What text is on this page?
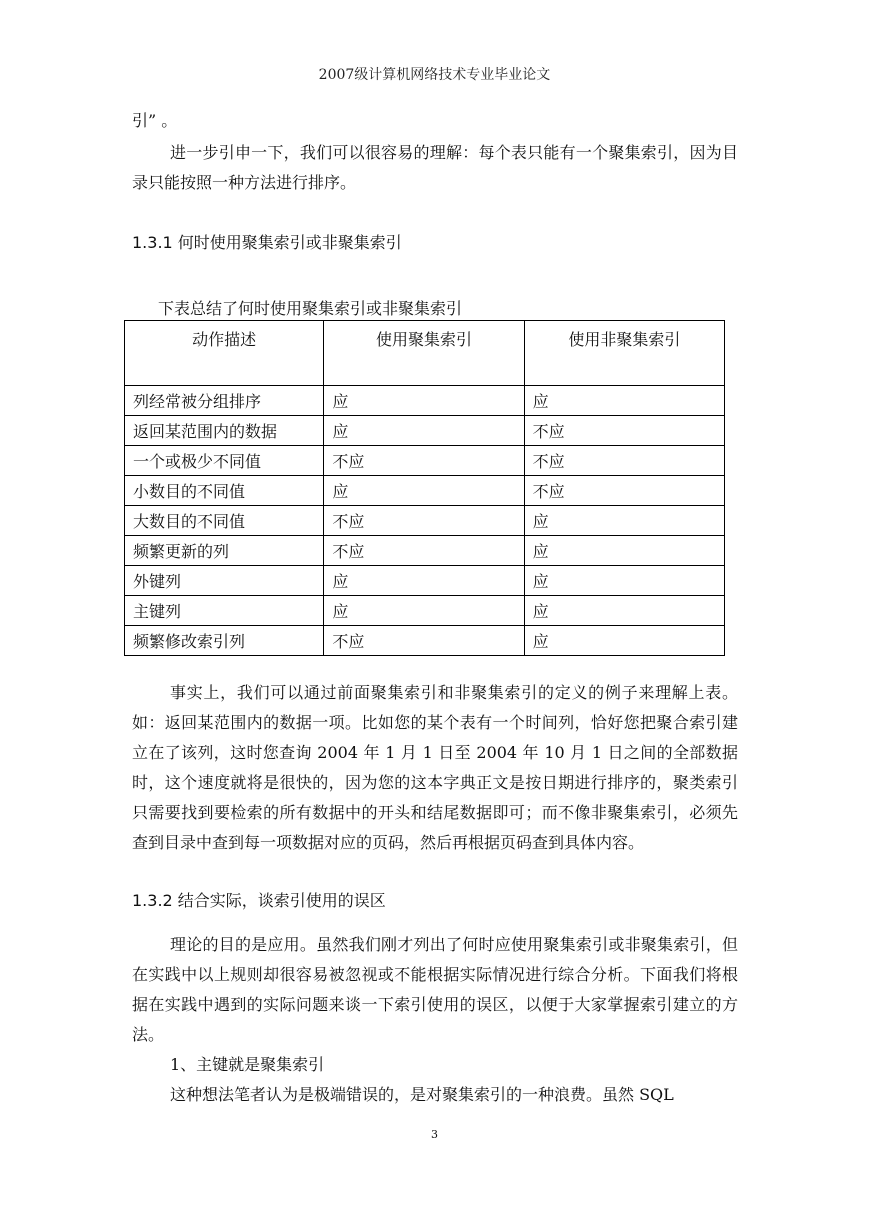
2007级计算机网络技术专业毕业论文

引” 。

进一步引申一下，我们可以很容易的理解：每个表只能有一个聚集索引，因为目录只能按照一种方法进行排序。

1.3.1 何时使用聚集索引或非聚集索引
下表总结了何时使用聚集索引或非聚集索引
动作描述	使用聚集索引	使用非聚集索引
列经常被分组排序	应	应
返回某范围内的数据	应	不应
一个或极少不同值	不应	不应
小数目的不同值	应	不应
大数目的不同值	不应	应
频繁更新的列	不应	应
外键列	应	应
主键列	应	应
频繁修改索引列	不应	应

事实上，我们可以通过前面聚集索引和非聚集索引的定义的例子来理解上表。如：返回某范围内的数据一项。比如您的某个表有一个时间列，恰好您把聚合索引建立在了该列，这时您查询 2004 年 1 月 1 日至 2004 年 10 月 1 日之间的全部数据时，这个速度就将是很快的，因为您的这本字典正文是按日期进行排序的，聚类索引只需要找到要检索的所有数据中的开头和结尾数据即可；而不像非聚集索引，必须先查到目录中查到每一项数据对应的页码，然后再根据页码查到具体内容。

1.3.2 结合实际，谈索引使用的误区

理论的目的是应用。虽然我们刚才列出了何时应使用聚集索引或非聚集索引，但在实践中以上规则却很容易被忽视或不能根据实际情况进行综合分析。下面我们将根据在实践中遇到的实际问题来谈一下索引使用的误区，以便于大家掌握索引建立的方法。

1、主键就是聚集索引

这种想法笔者认为是极端错误的，是对聚集索引的一种浪费。虽然 SQL

3
